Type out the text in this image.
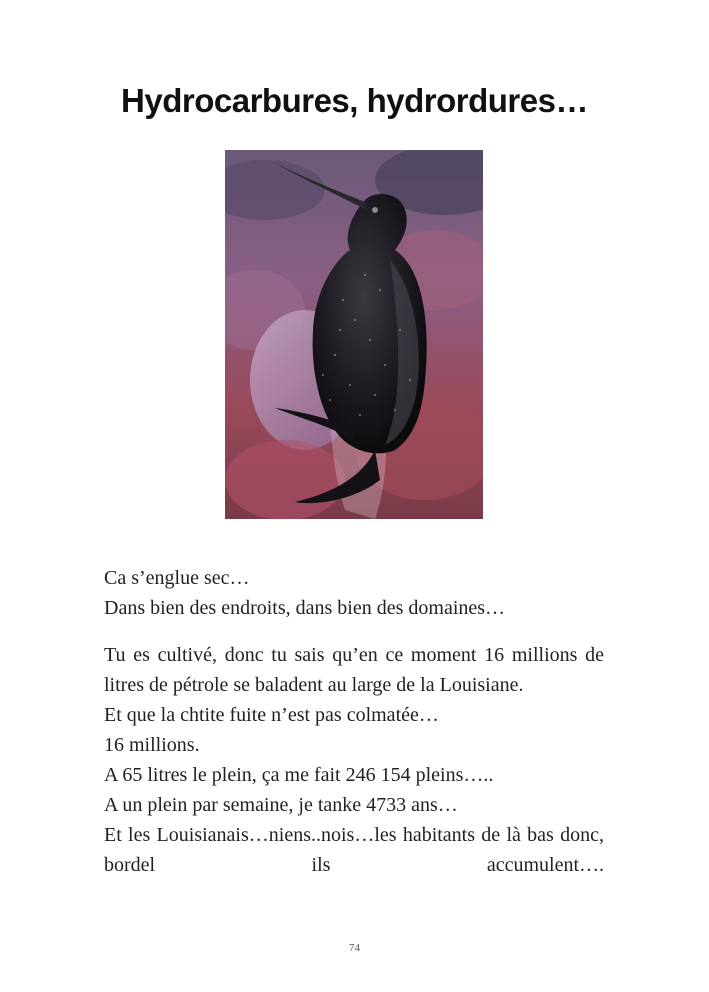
Hydrocarbures, hydrordures…

Ca s’englue sec…

Dans bien des endroits, dans bien des domaines…

Tu es cultivé, donc tu sais qu’en ce moment 16 millions de litres de pétrole se baladent au large de la Louisiane.

Et que la chtite fuite n’est pas colmatée…

16 millions.

A 65 litres le plein, ça me fait 246 154 pleins…..

A un plein par semaine, je tanke 4733 ans…

Et les Louisianais…niens..nois…les habitants de là bas donc, bordel ils accumulent….

74
